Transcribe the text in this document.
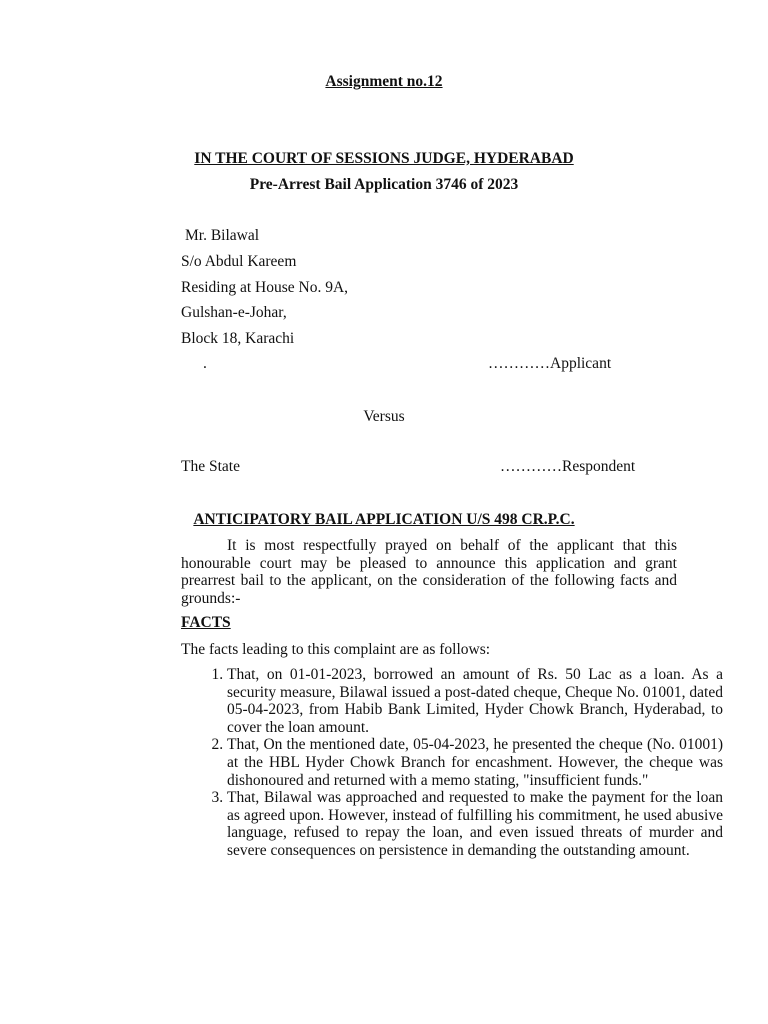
Assignment no.12
IN THE COURT OF SESSIONS JUDGE, HYDERABAD
Pre-Arrest Bail Application 3746 of 2023
Mr. Bilawal
S/o Abdul Kareem
Residing at House No. 9A,
Gulshan-e-Johar,
Block 18, Karachi
.	…………Applicant
Versus
The State	…………Respondent
ANTICIPATORY BAIL APPLICATION U/S 498 CR.P.C.

It is most respectfully prayed on behalf of the applicant that this honourable court may be pleased to announce this application and grant prearrest bail to the applicant, on the consideration of the following facts and grounds:-

FACTS
The facts leading to this complaint are as follows:
1. That, on 01-01-2023, borrowed an amount of Rs. 50 Lac as a loan. As a security measure, Bilawal issued a post-dated cheque, Cheque No. 01001, dated 05-04-2023, from Habib Bank Limited, Hyder Chowk Branch, Hyderabad, to cover the loan amount.
2. That, On the mentioned date, 05-04-2023, he presented the cheque (No. 01001) at the HBL Hyder Chowk Branch for encashment. However, the cheque was dishonoured and returned with a memo stating, "insufficient funds."
3. That, Bilawal was approached and requested to make the payment for the loan as agreed upon. However, instead of fulfilling his commitment, he used abusive language, refused to repay the loan, and even issued threats of murder and severe consequences on persistence in demanding the outstanding amount.
